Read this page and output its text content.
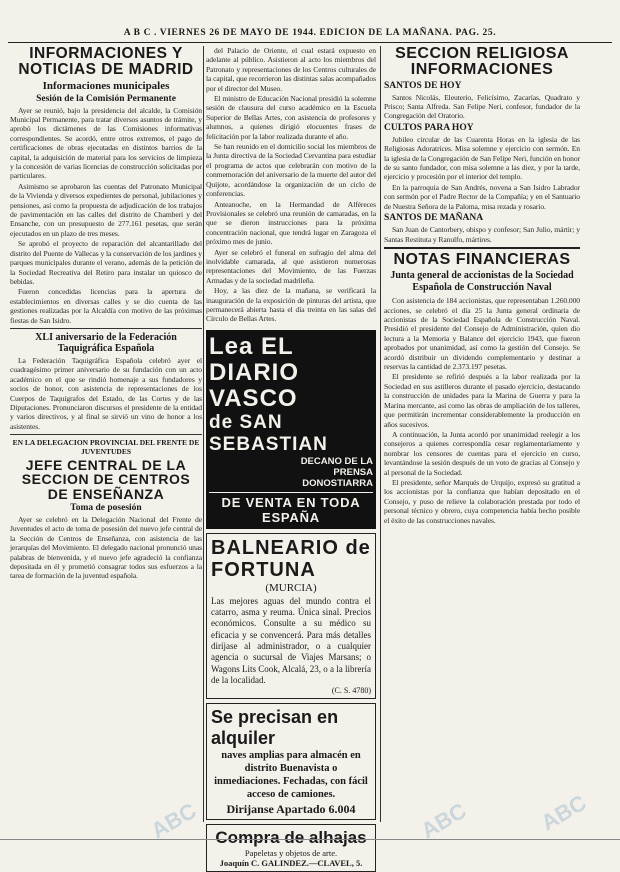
A B C . VIERNES 26 DE MAYO DE 1944. EDICION DE LA MAÑANA. PAG. 25.
INFORMACIONES Y
NOTICIAS DE MADRID
Informaciones municipales
Sesión de la Comisión Permanente

Ayer se reunió, bajo la presidencia del alcalde, la Comisión Municipal Permanente, para tratar diversos asuntos de trámite, y aprobó los dictámenes de las Comisiones informativas correspondientes. Se acordó, entre otros extremos, el pago de certificaciones de obras ejecutadas en distintos barrios de la capital, la adquisición de material para los servicios de limpieza y la concesión de varias licencias de construcción solicitadas por particulares.

Asimismo se aprobaron las cuentas del Patronato Municipal de la Vivienda y diversos expedientes de personal, jubilaciones y pensiones, así como la propuesta de adjudicación de los trabajos de pavimentación en las calles del distrito de Chamberí y del Ensanche, con un presupuesto de 277.161 pesetas, que serán ejecutados en un plazo de tres meses.

Se aprobó el proyecto de reparación del alcantarillado del distrito del Puente de Vallecas y la conservación de los jardines y parques municipales durante el verano, además de la petición de la Sociedad Recreativa del Retiro para instalar un quiosco de bebidas.

Fueron concedidas licencias para la apertura de establecimientos en diversas calles y se dio cuenta de las gestiones realizadas por la Alcaldía con motivo de las próximas fiestas de San Isidro.

XLI aniversario de la Federación Taquigráfica Española

La Federación Taquigráfica Española celebró ayer el cuadragésimo primer aniversario de su fundación con un acto académico en el que se rindió homenaje a sus fundadores y socios de honor, con asistencia de representaciones de los Cuerpos de Taquígrafos del Estado, de las Cortes y de las Diputaciones. Pronunciaron discursos el presidente de la entidad y varios directivos, y al final se sirvió un vino de honor a los asistentes.

EN LA DELEGACION PROVINCIAL DEL FRENTE DE JUVENTUDES
JEFE CENTRAL DE LA
SECCION DE CENTROS
DE ENSEÑANZA
Toma de posesión

Ayer se celebró en la Delegación Nacional del Frente de Juventudes el acto de toma de posesión del nuevo jefe central de la Sección de Centros de Enseñanza, con asistencia de las jerarquías del Movimiento. El delegado nacional pronunció unas palabras de bienvenida, y el nuevo jefe agradeció la confianza depositada en él y prometió consagrar todos sus esfuerzos a la tarea de formación de la juventud española.

del Palacio de Oriente, el cual estará expuesto en adelante al público. Asistieron al acto los miembros del Patronato y representaciones de los Centros culturales de la capital, que recorrieron las distintas salas acompañados por el director del Museo.

El ministro de Educación Nacional presidió la solemne sesión de clausura del curso académico en la Escuela Superior de Bellas Artes, con asistencia de profesores y alumnos, a quienes dirigió elocuentes frases de felicitación por la labor realizada durante el año.

Se han reunido en el domicilio social los miembros de la Junta directiva de la Sociedad Cervantina para estudiar el programa de actos que celebrarán con motivo de la conmemoración del aniversario de la muerte del autor del Quijote, acordándose la organización de un ciclo de conferencias.

Anteanoche, en la Hermandad de Alféreces Provisionales se celebró una reunión de camaradas, en la que se dieron instrucciones para la próxima concentración nacional, que tendrá lugar en Zaragoza el próximo mes de junio.

Ayer se celebró el funeral en sufragio del alma del inolvidable camarada, al que asistieron numerosas representaciones del Movimiento, de las Fuerzas Armadas y de la sociedad madrileña.

Hoy, a las diez de la mañana, se verificará la inauguración de la exposición de pinturas del artista, que permanecerá abierta hasta el día treinta en las salas del Círculo de Bellas Artes.

Lea EL DIARIO VASCO
de SAN SEBASTIAN
DECANO DE LA PRENSA DONOSTIARRA
DE VENTA EN TODA ESPAÑA
BALNEARIO de FORTUNA
(MURCIA)
Las mejores aguas del mundo contra el catarro, asma y reuma. Única sinal. Precios económicos. Consulte a su médico su eficacia y se convencerá. Para más detalles diríjase al administrador, o a cualquier agencia o sucursal de Viajes Marsans; o Wagons Lits Cook, Alcalá, 23, o a la librería de la localidad.
(C. S. 4780)
Se precisan en alquiler
naves amplias para almacén en distrito Buenavista o inmediaciones. Fechadas, con fácil acceso de camiones.
Dirijanse Apartado 6.004
Compra de alhajas
Papeletas y objetos de arte.
Joaquín C. GALINDEZ.—CLAVEL, 5.
SECCION RELIGIOSA
INFORMACIONES
SANTOS DE HOY

Santos Nicolás, Eleuterio, Felicísimo, Zacarías, Quadrato y Prisco; Santa Alfreda. San Felipe Neri, confesor, fundador de la Congregación del Oratorio.

CULTOS PARA HOY

Jubileo circular de las Cuarenta Horas en la iglesia de las Religiosas Adoratrices. Misa solemne y ejercicio con sermón. En la iglesia de la Congregación de San Felipe Neri, función en honor de su santo fundador, con misa solemne a las diez, y por la tarde, ejercicio y procesión por el interior del templo.

En la parroquia de San Andrés, novena a San Isidro Labrador con sermón por el Padre Rector de la Compañía; y en el Santuario de Nuestra Señora de la Paloma, misa rezada y rosario.

SANTOS DE MAÑANA

San Juan de Cantorbery, obispo y confesor; San Julio, mártir; y Santas Restituta y Ranulfo, mártires.

NOTAS FINANCIERAS
Junta general de accionistas de la Sociedad Española de Construcción Naval

Con asistencia de 184 accionistas, que representaban 1.260.000 acciones, se celebró el día 25 la Junta general ordinaria de accionistas de la Sociedad Española de Construcción Naval. Presidió el presidente del Consejo de Administración, quien dio lectura a la Memoria y Balance del ejercicio 1943, que fueron aprobados por unanimidad, así como la gestión del Consejo. Se acordó distribuir un dividendo complementario y destinar a reservas la cantidad de 2.373.197 pesetas.

El presidente se refirió después a la labor realizada por la Sociedad en sus astilleros durante el pasado ejercicio, destacando la construcción de unidades para la Marina de Guerra y para la Marina mercante, así como las obras de ampliación de los talleres, que permitirán incrementar considerablemente la producción en años sucesivos.

A continuación, la Junta acordó por unanimidad reelegir a los consejeros a quienes correspondía cesar reglamentariamente y nombrar los censores de cuentas para el ejercicio en curso, levantándose la sesión después de un voto de gracias al Consejo y al personal de la Sociedad.

El presidente, señor Marqués de Urquijo, expresó su gratitud a los accionistas por la confianza que habían depositado en el Consejo, y puso de relieve la colaboración prestada por todo el personal técnico y obrero, cuya competencia había hecho posible el éxito de las construcciones navales.

ABC	ABC	ABC
